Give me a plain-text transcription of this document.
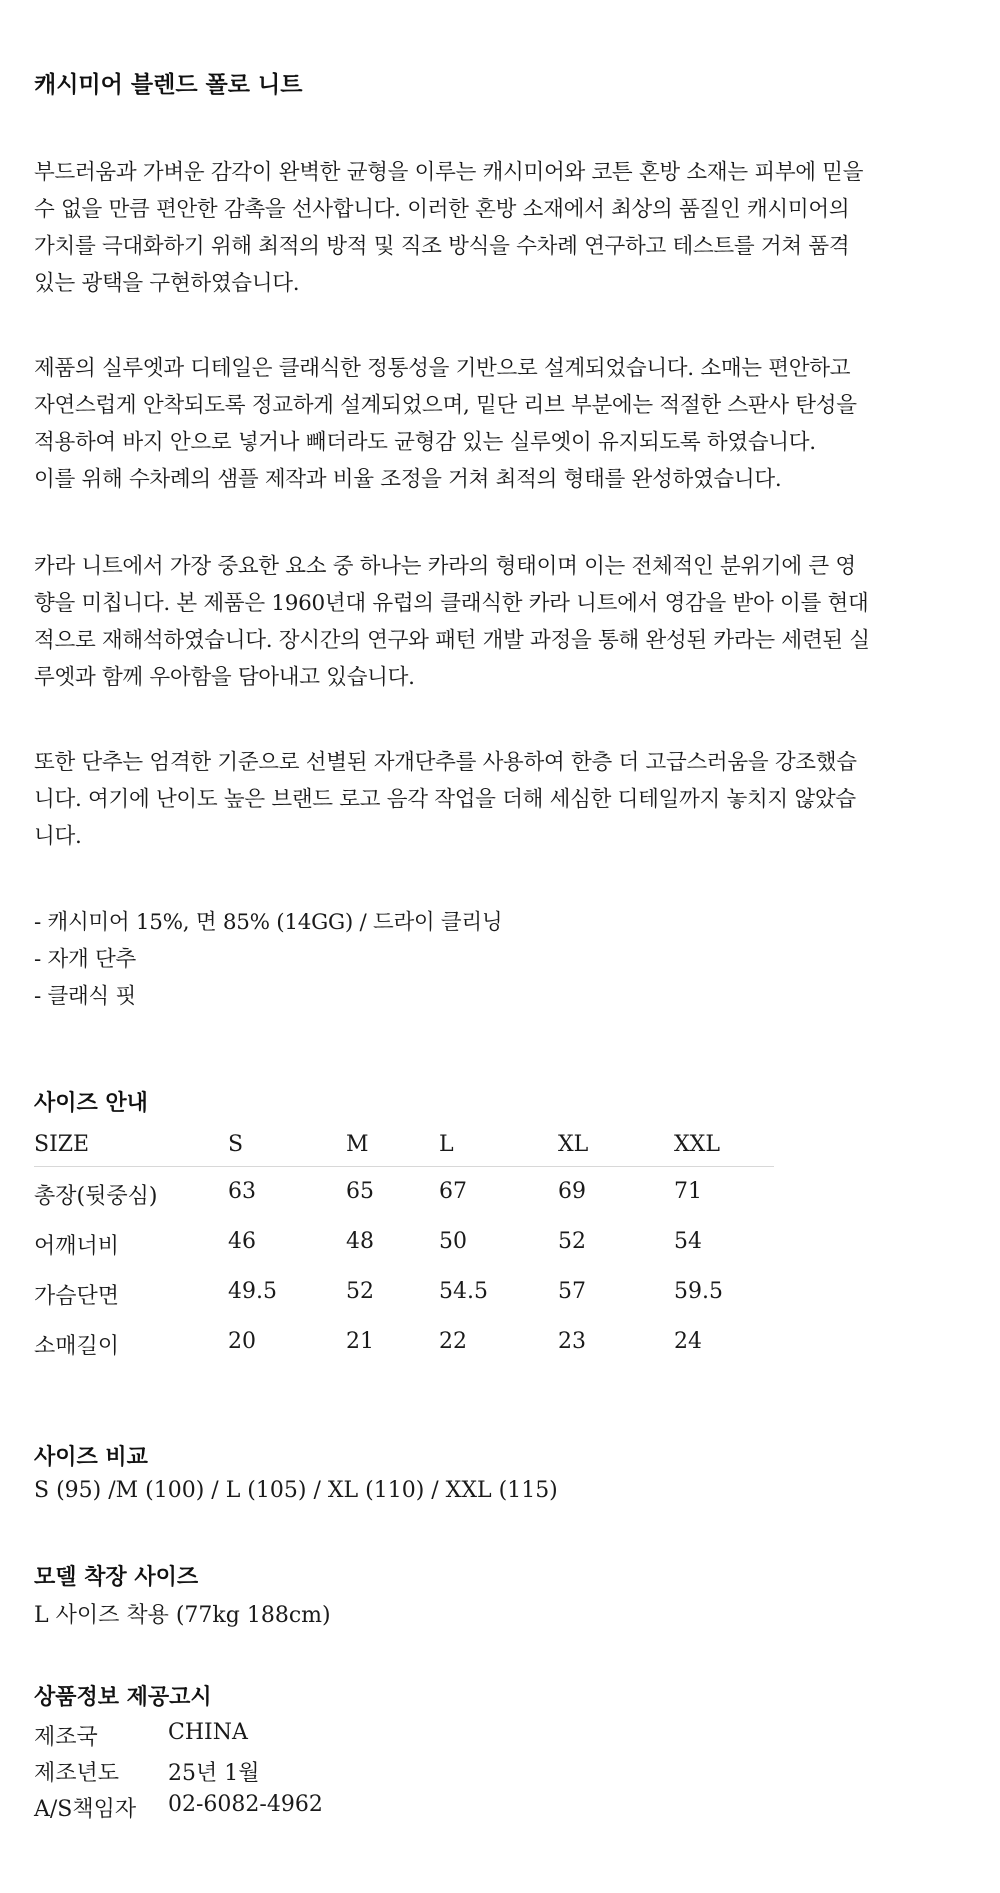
캐시미어 블렌드 폴로 니트
부드러움과 가벼운 감각이 완벽한 균형을 이루는 캐시미어와 코튼 혼방 소재는 피부에 믿을
수 없을 만큼 편안한 감촉을 선사합니다. 이러한 혼방 소재에서 최상의 품질인 캐시미어의
가치를 극대화하기 위해 최적의 방적 및 직조 방식을 수차례 연구하고 테스트를 거쳐 품격
있는 광택을 구현하였습니다.
제품의 실루엣과 디테일은 클래식한 정통성을 기반으로 설계되었습니다. 소매는 편안하고
자연스럽게 안착되도록 정교하게 설계되었으며, 밑단 리브 부분에는 적절한 스판사 탄성을
적용하여 바지 안으로 넣거나 빼더라도 균형감 있는 실루엣이 유지되도록 하였습니다.
이를 위해 수차례의 샘플 제작과 비율 조정을 거쳐 최적의 형태를 완성하였습니다.
카라 니트에서 가장 중요한 요소 중 하나는 카라의 형태이며 이는 전체적인 분위기에 큰 영
향을 미칩니다. 본 제품은 1960년대 유럽의 클래식한 카라 니트에서 영감을 받아 이를 현대
적으로 재해석하였습니다. 장시간의 연구와 패턴 개발 과정을 통해 완성된 카라는 세련된 실
루엣과 함께 우아함을 담아내고 있습니다.
또한 단추는 엄격한 기준으로 선별된 자개단추를 사용하여 한층 더 고급스러움을 강조했습
니다. 여기에 난이도 높은 브랜드 로고 음각 작업을 더해 세심한 디테일까지 놓치지 않았습
니다.
- 캐시미어 15%, 면 85% (14GG) / 드라이 클리닝
- 자개 단추
- 클래식 핏
사이즈 안내
SIZE	S	M	L	XL	XXL
총장(뒷중심)	63	65	67	69	71
어깨너비	46	48	50	52	54
가슴단면	49.5	52	54.5	57	59.5
소매길이	20	21	22	23	24
사이즈 비교
S (95) /M (100) / L (105) / XL (110) / XXL (115)
모델 착장 사이즈
L 사이즈 착용 (77kg 188cm)
상품정보 제공고시
제조국	CHINA
제조년도 25년 1월
A/S책임자 02-6082-4962
